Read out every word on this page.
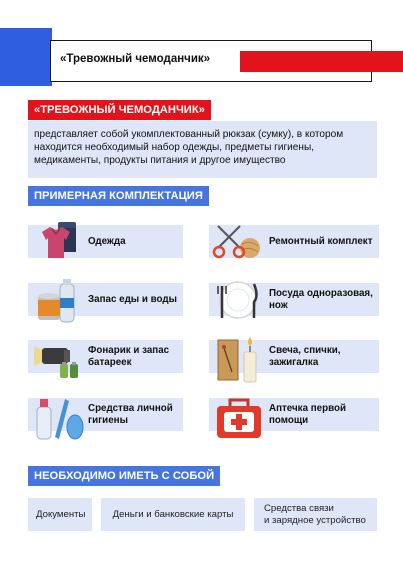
«Тревожный чемоданчик»
«ТРЕВОЖНЫЙ ЧЕМОДАНЧИК»
представляет собой укомплектованный рюкзак (сумку), в котором
находится необходимый набор одежды, предметы гигиены,
медикаменты, продукты питания и другое имущество
ПРИМЕРНАЯ КОМПЛЕКТАЦИЯ
Одежда	Ремонтный комплект
Запас еды и воды
Посуда одноразовая,
нож
Фонарик и запас
батареек
Свеча, спички,
зажигалка
Средства личной
гигиены
Аптечка первой
помощи
НЕОБХОДИМО ИМЕТЬ С СОБОЙ
Документы	Деньги и банковские карты
Средства связи
и зарядное устройство
